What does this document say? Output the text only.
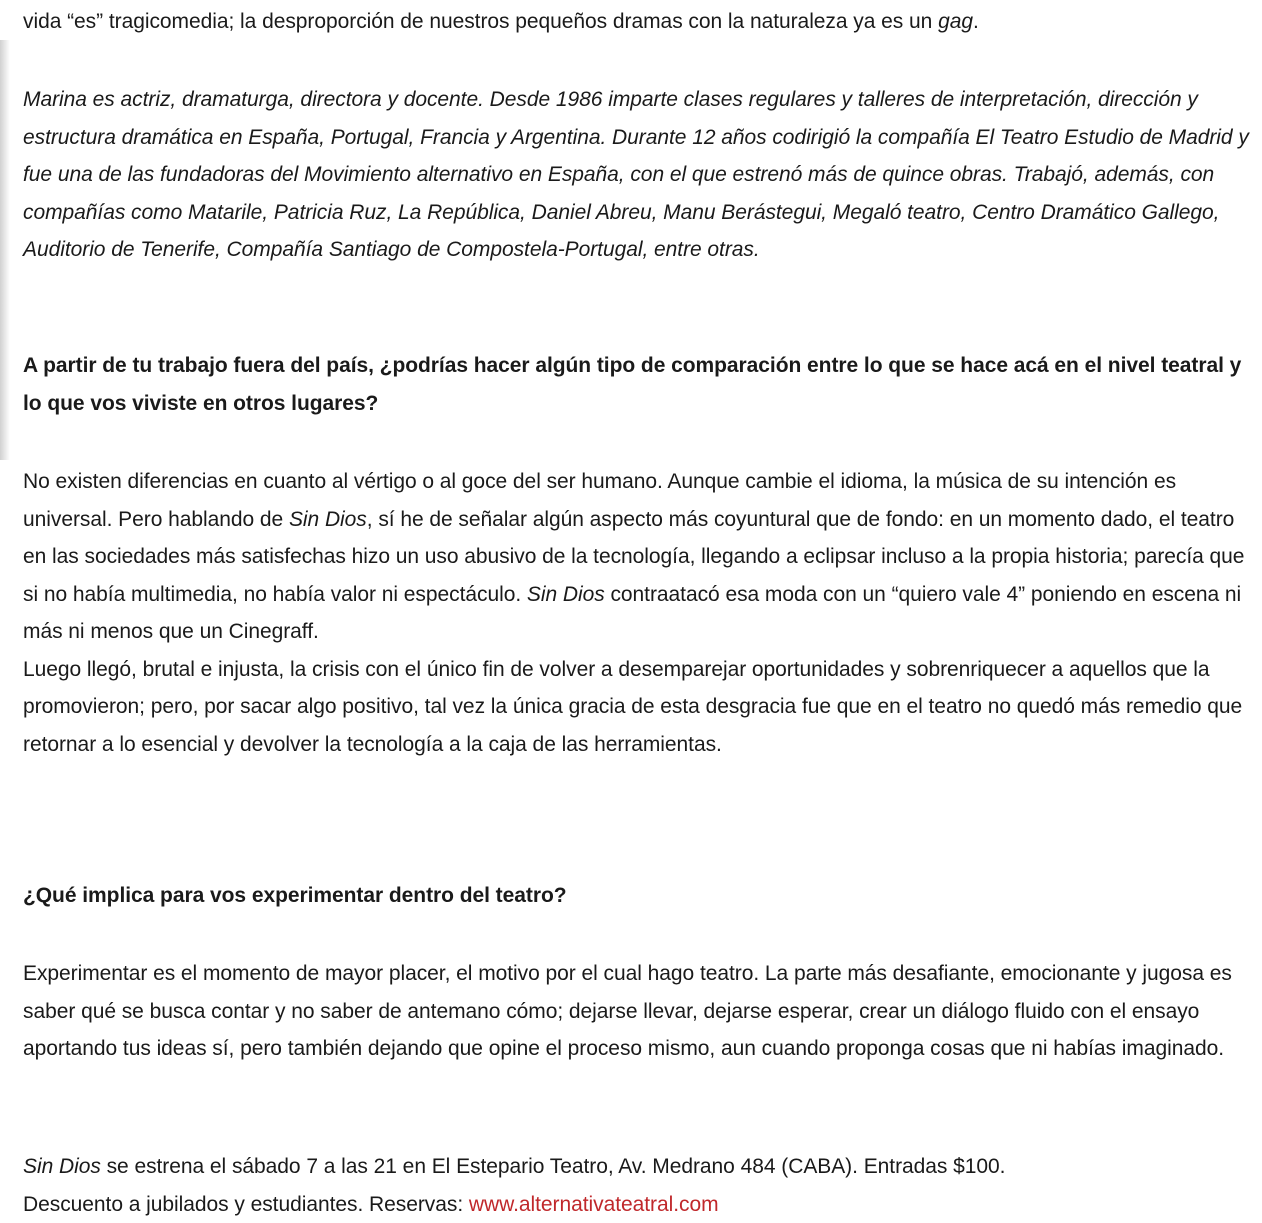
vida “es” tragicomedia; la desproporción de nuestros pequeños dramas con la naturaleza ya es un gag.

Marina es actriz, dramaturga, directora y docente. Desde 1986 imparte clases regulares y talleres de interpretación, dirección y estructura dramática en España, Portugal, Francia y Argentina. Durante 12 años codirigió la compañía El Teatro Estudio de Madrid y fue una de las fundadoras del Movimiento alternativo en España, con el que estrenó más de quince obras. Trabajó, además, con compañías como Matarile, Patricia Ruz, La República, Daniel Abreu, Manu Berástegui, Megaló teatro, Centro Dramático Gallego, Auditorio de Tenerife, Compañía Santiago de Compostela-Portugal, entre otras.

A partir de tu trabajo fuera del país, ¿podrías hacer algún tipo de comparación entre lo que se hace acá en el nivel teatral y lo que vos viviste en otros lugares?

No existen diferencias en cuanto al vértigo o al goce del ser humano. Aunque cambie el idioma, la música de su intención es universal. Pero hablando de Sin Dios, sí he de señalar algún aspecto más coyuntural que de fondo: en un momento dado, el teatro en las sociedades más satisfechas hizo un uso abusivo de la tecnología, llegando a eclipsar incluso a la propia historia; parecía que si no había multimedia, no había valor ni espectáculo. Sin Dios contraatacó esa moda con un “quiero vale 4” poniendo en escena ni más ni menos que un Cinegraff.
Luego llegó, brutal e injusta, la crisis con el único fin de volver a desemparejar oportunidades y sobrenriquecer a aquellos que la promovieron; pero, por sacar algo positivo, tal vez la única gracia de esta desgracia fue que en el teatro no quedó más remedio que retornar a lo esencial y devolver la tecnología a la caja de las herramientas.

¿Qué implica para vos experimentar dentro del teatro?

Experimentar es el momento de mayor placer, el motivo por el cual hago teatro. La parte más desafiante, emocionante y jugosa es saber qué se busca contar y no saber de antemano cómo; dejarse llevar, dejarse esperar, crear un diálogo fluido con el ensayo aportando tus ideas sí, pero también dejando que opine el proceso mismo, aun cuando proponga cosas que ni habías imaginado.

Sin Dios se estrena el sábado 7 a las 21 en El Estepario Teatro, Av. Medrano 484 (CABA). Entradas $100.
Descuento a jubilados y estudiantes. Reservas: www.alternativateatral.com
